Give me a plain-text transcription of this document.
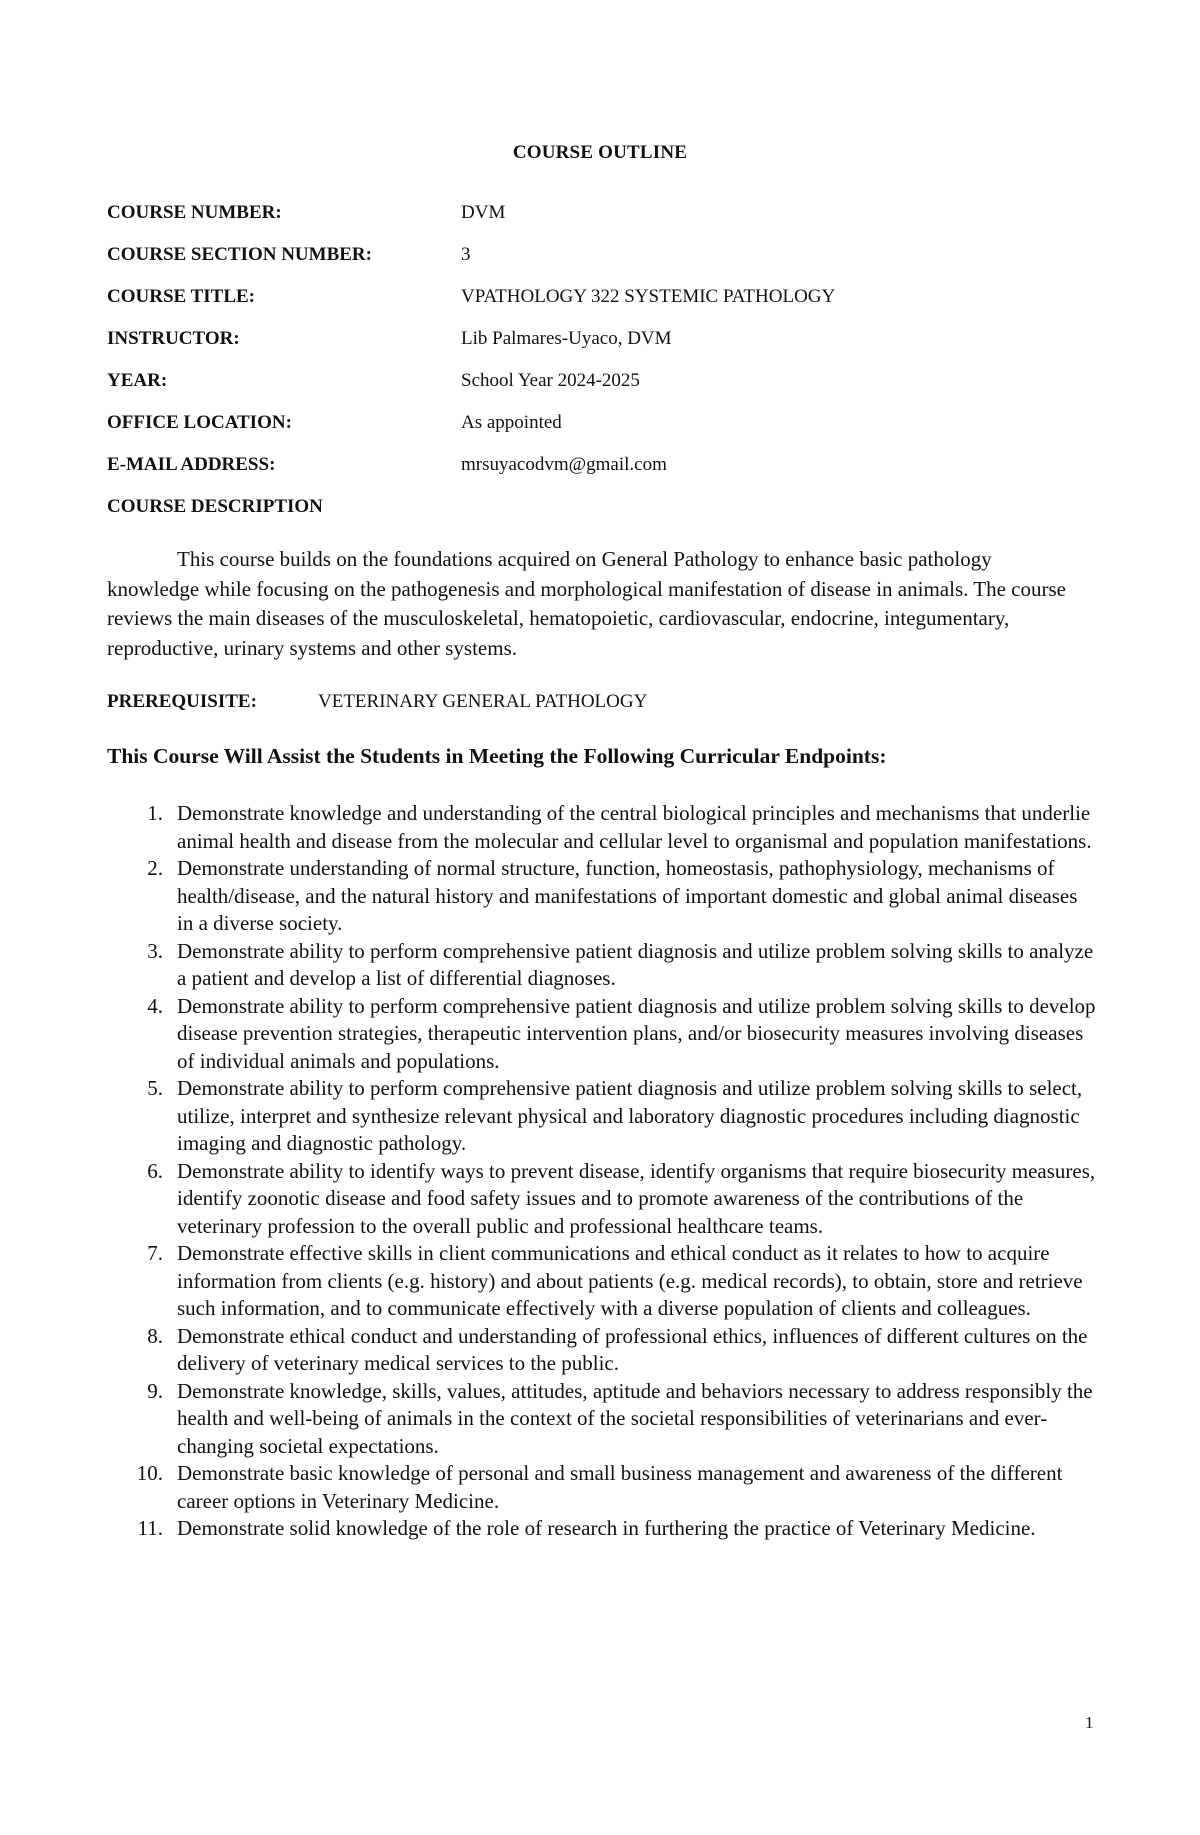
COURSE OUTLINE
COURSE NUMBER:	DVM
COURSE SECTION NUMBER:	3
COURSE TITLE:	VPATHOLOGY 322 SYSTEMIC PATHOLOGY
INSTRUCTOR:	Lib Palmares-Uyaco, DVM
YEAR:	School Year 2024-2025
OFFICE LOCATION:	As appointed
E-MAIL ADDRESS:	mrsuyacodvm@gmail.com
COURSE DESCRIPTION

This course builds on the foundations acquired on General Pathology to enhance basic pathology knowledge while focusing on the pathogenesis and morphological manifestation of disease in animals. The course reviews the main diseases of the musculoskeletal, hematopoietic, cardiovascular, endocrine, integumentary, reproductive, urinary systems and other systems.

PREREQUISITE:	VETERINARY GENERAL PATHOLOGY
This Course Will Assist the Students in Meeting the Following Curricular Endpoints:
1. Demonstrate knowledge and understanding of the central biological principles and mechanisms that underlie animal health and disease from the molecular and cellular level to organismal and population manifestations.
2. Demonstrate understanding of normal structure, function, homeostasis, pathophysiology, mechanisms of health/disease, and the natural history and manifestations of important domestic and global animal diseases in a diverse society.
3. Demonstrate ability to perform comprehensive patient diagnosis and utilize problem solving skills to analyze a patient and develop a list of differential diagnoses.
4. Demonstrate ability to perform comprehensive patient diagnosis and utilize problem solving skills to develop disease prevention strategies, therapeutic intervention plans, and/or biosecurity measures involving diseases of individual animals and populations.
5. Demonstrate ability to perform comprehensive patient diagnosis and utilize problem solving skills to select, utilize, interpret and synthesize relevant physical and laboratory diagnostic procedures including diagnostic imaging and diagnostic pathology.
6. Demonstrate ability to identify ways to prevent disease, identify organisms that require biosecurity measures, identify zoonotic disease and food safety issues and to promote awareness of the contributions of the veterinary profession to the overall public and professional healthcare teams.
7. Demonstrate effective skills in client communications and ethical conduct as it relates to how to acquire information from clients (e.g. history) and about patients (e.g. medical records), to obtain, store and retrieve such information, and to communicate effectively with a diverse population of clients and colleagues.
8. Demonstrate ethical conduct and understanding of professional ethics, influences of different cultures on the delivery of veterinary medical services to the public.
9. Demonstrate knowledge, skills, values, attitudes, aptitude and behaviors necessary to address responsibly the health and well-being of animals in the context of the societal responsibilities of veterinarians and ever-changing societal expectations.
10. Demonstrate basic knowledge of personal and small business management and awareness of the different career options in Veterinary Medicine.
11. Demonstrate solid knowledge of the role of research in furthering the practice of Veterinary Medicine.
1
